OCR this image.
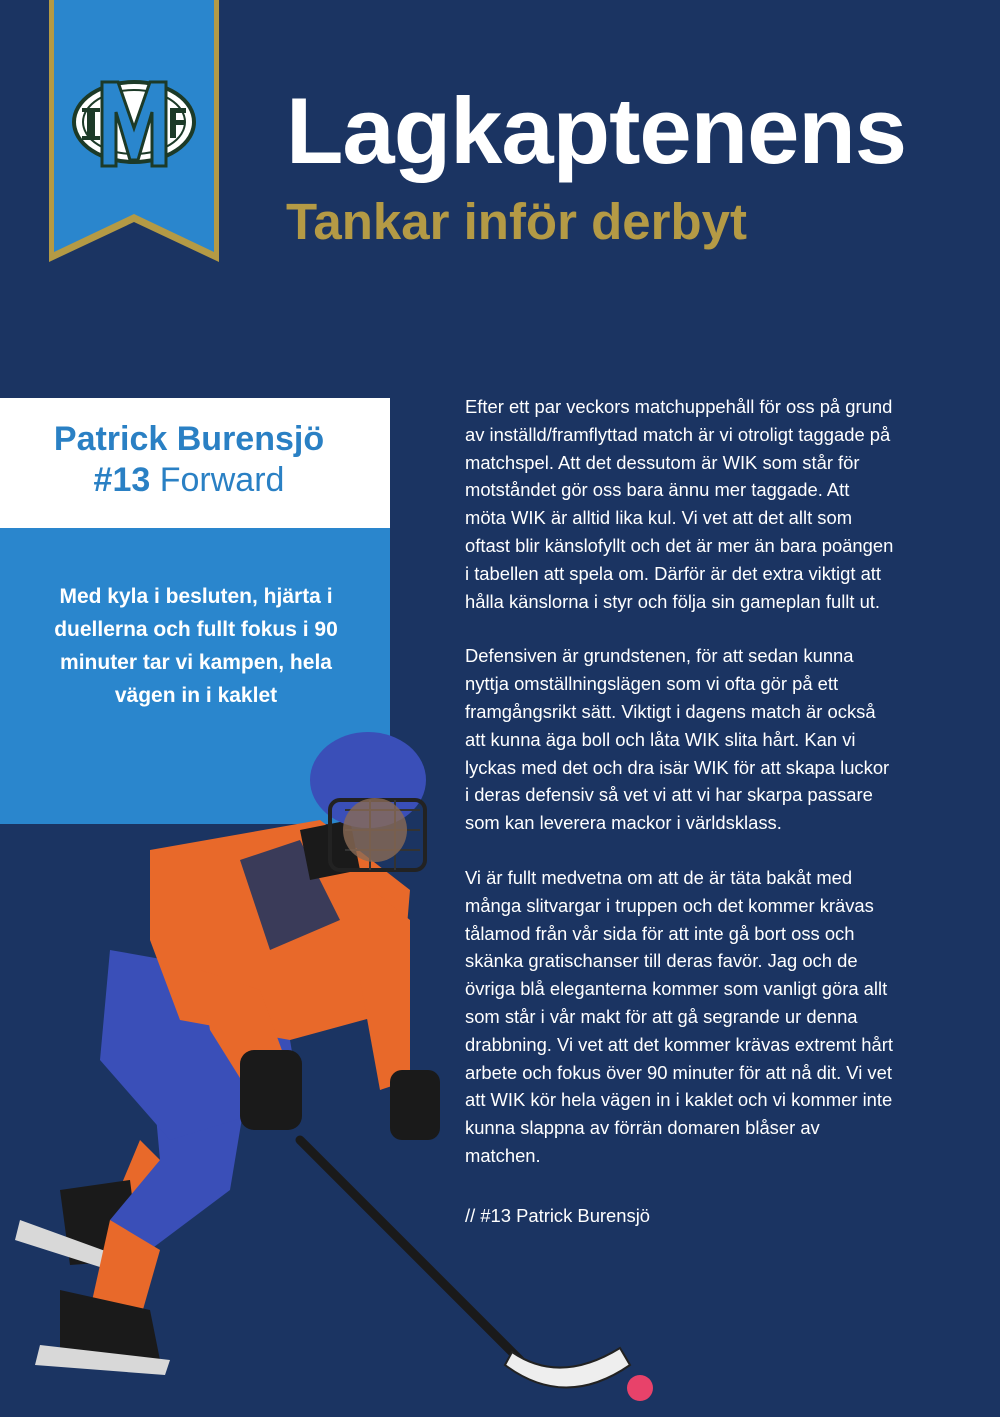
Lagkaptenens
Tankar inför derbyt
Patrick Burensjö
#13 Forward

Med kyla i besluten, hjärta i duellerna och fullt fokus i 90 minuter tar vi kampen, hela vägen in i kaklet

Efter ett par veckors matchuppehåll för oss på grund
av inställd/framflyttad match är vi otroligt taggade på
matchspel. Att det dessutom är WIK som står för
motståndet gör oss bara ännu mer taggade. Att
möta WIK är alltid lika kul. Vi vet att det allt som
oftast blir känslofyllt och det är mer än bara poängen
i tabellen att spela om. Därför är det extra viktigt att
hålla känslorna i styr och följa sin gameplan fullt ut.

Defensiven är grundstenen, för att sedan kunna
nyttja omställningslägen som vi ofta gör på ett
framgångsrikt sätt. Viktigt i dagens match är också
att kunna äga boll och låta WIK slita hårt. Kan vi
lyckas med det och dra isär WIK för att skapa luckor
i deras defensiv så vet vi att vi har skarpa passare
som kan leverera mackor i världsklass.

Vi är fullt medvetna om att de är täta bakåt med
många slitvargar i truppen och det kommer krävas
tålamod från vår sida för att inte gå bort oss och
skänka gratischanser till deras favör. Jag och de
övriga blå eleganterna kommer som vanligt göra allt
som står i vår makt för att gå segrande ur denna
drabbning. Vi vet att det kommer krävas extremt hårt
arbete och fokus över 90 minuter för att nå dit. Vi vet
att WIK kör hela vägen in i kaklet och vi kommer inte
kunna slappna av förrän domaren blåser av
matchen.

// #13 Patrick Burensjö
